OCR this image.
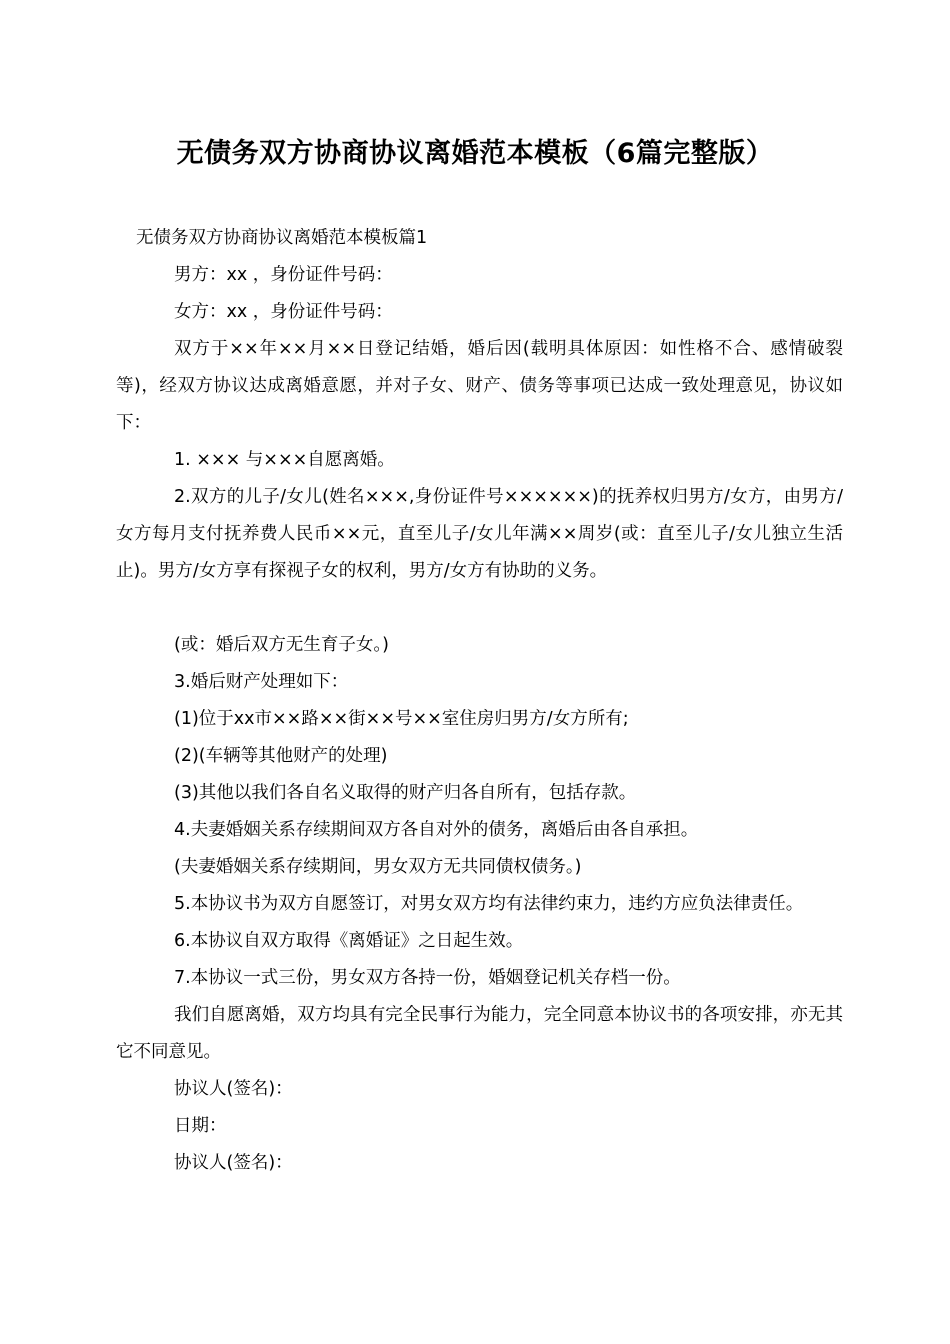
无债务双方协商协议离婚范本模板（6篇完整版）

无债务双方协商协议离婚范本模板篇1

男方：xx ，身份证件号码：

女方：xx ，身份证件号码：

双方于××年××月××日登记结婚，婚后因(载明具体原因：如性格不合、感情破裂等)，经双方协议达成离婚意愿，并对子女、财产、债务等事项已达成一致处理意见，协议如下：

1. ××× 与×××自愿离婚。

2.双方的儿子/女儿(姓名×××,身份证件号××××××)的抚养权归男方/女方，由男方/女方每月支付抚养费人民币××元，直至儿子/女儿年满××周岁(或：直至儿子/女儿独立生活止)。男方/女方享有探视子女的权利，男方/女方有协助的义务。

(或：婚后双方无生育子女。)

3.婚后财产处理如下：

(1)位于xx市××路××街××号××室住房归男方/女方所有;

(2)(车辆等其他财产的处理)

(3)其他以我们各自名义取得的财产归各自所有，包括存款。

4.夫妻婚姻关系存续期间双方各自对外的债务，离婚后由各自承担。

(夫妻婚姻关系存续期间，男女双方无共同债权债务。)

5.本协议书为双方自愿签订，对男女双方均有法律约束力，违约方应负法律责任。

6.本协议自双方取得《离婚证》之日起生效。

7.本协议一式三份，男女双方各持一份，婚姻登记机关存档一份。

我们自愿离婚，双方均具有完全民事行为能力，完全同意本协议书的各项安排，亦无其它不同意见。

协议人(签名)：

日期：

协议人(签名)：
